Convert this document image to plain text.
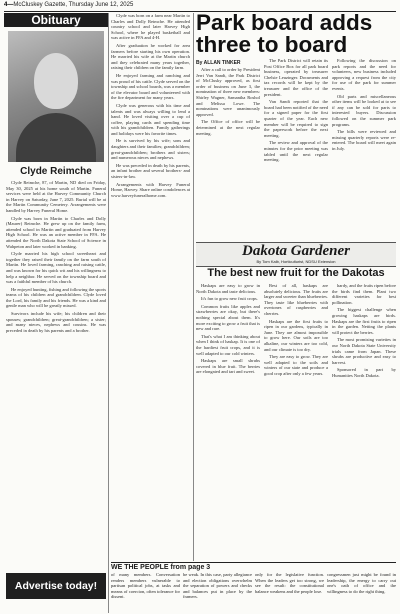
4—McCluskey Gazette, Thursday June 12, 2025
Obituary
Clyde Reimche

Clyde Reimche, 87, of Martin, ND died on Friday, May 30, 2025 at his home south of Martin. Funeral services were held at the Harvey Community Church in Harvey on Saturday, June 7, 2025. Burial will be at the Martin Community Cemetery. Arrangements were handled by Harvey Funeral Home.

Clyde was born in Martin to Charles and Dolly (Maurer) Reimche. He grew up on the family farm, attended school in Martin and graduated from Harvey High School. He was an active member in FFA. He attended the North Dakota State School of Science in Wahpeton and later worked in banking.

Clyde married his high school sweetheart and together they raised their family on the farm south of Martin. He loved farming, ranching and raising cattle, and was known for his quick wit and his willingness to help a neighbor. He served on the township board and was a faithful member of his church.

He enjoyed hunting, fishing and following the sports teams of his children and grandchildren. Clyde loved the Lord, his family and his friends. He was a kind and gentle man who will be greatly missed.

Survivors include his wife; his children and their spouses; grandchildren; great-grandchildren; a sister; and many nieces, nephews and cousins. He was preceded in death by his parents and a brother.

Clyde was born on a farm near Martin to Charles and Dolly Reimche. He attended country school and later Harvey High School, where he played basketball and was active in FFA and 4-H.

After graduation he worked for area farmers before starting his own operation. He married his wife at the Martin church and they celebrated many years together, raising their children on the family farm.

He enjoyed farming and ranching and was proud of his cattle. Clyde served on the township and school boards, was a member of the elevator board and volunteered with the fire department for many years.

Clyde was generous with his time and talents and was always willing to lend a hand. He loved visiting over a cup of coffee, playing cards and spending time with his grandchildren. Family gatherings and holidays were his favorite times.

He is survived by his wife; sons and daughters and their families; grandchildren; great-grandchildren; brothers and sisters; and numerous nieces and nephews.

He was preceded in death by his parents, an infant brother and several brothers- and sisters-in-law.

Arrangements with Harvey Funeral Home, Harvey. Share online condolences at www.harveyfuneralhome.com.

Park board adds three to board
By ALLAN TINKER

After a call to order by President Jerri Van Sandt, the Park District of McClusky approved, as first order of business on June 3, the nomination of three new members: Shirley Wagner, Samantha Roshol and Melissa Lowe. The nominations were unanimously approved.

The Office of office will be determined at the next regular meeting.

The Park District will retain its Post Office Box for all park board business, operated by treasurer Chelsie Leuzinger. Documents and tax records will be kept by the treasurer and the office of the president.

Van Sandt reported that the board had been notified of the need for a signed paper for the first quarter of the year. Each new member will be required to sign the paperwork before the next meeting.

The review and approval of the minutes for the prior meeting was tabled until the next regular meeting.

Following the discussion on park reports and the need for volunteers, new business included approving a request from the city for use of the park for summer events.

Old parts and miscellaneous other items will be looked at to see if any can be sold for parts to interested buyers. Discussion followed on the summer park programs.

The bills were reviewed and missing quarterly reports were re-entered. The board will meet again in July.

Dakota Gardener
By Tom Kalb, Horticulturist, NDSU Extension
The best new fruit for the Dakotas

Haskaps are easy to grow in North Dakota and taste delicious.

It's fun to grow new fruit crops.

Common fruits like apples and strawberries are okay, but there's nothing special about them. It's more exciting to grow a fruit that is new and rare.

That's what I am thinking about when I think of haskap. It is one of the hardiest fruit crops, and it is well adapted to our cold winters.

Haskaps are small shrubs covered in blue fruit. The berries are elongated and tart and sweet.

Best of all, haskaps are absolutely delicious. The fruits are larger and sweeter than blueberries. They taste like blueberries with overtones of raspberries and cherries.

Haskaps are the first fruits to ripen in our gardens, typically in June. They are almost impossible to grow here. Our soils are too alkaline, our winters are too cold, and our climate is too dry.

They are easy to grow. They are well adapted to the soils and winters of our state and produce a good crop after only a few years.

hardy, and the fruits ripen before the birds find them. Plant two different varieties for best pollination.

The biggest challenge when growing haskaps are birds. Haskaps are the first fruits to ripen in the garden. Netting the plants will protect the berries.

The most promising varieties in our North Dakota State University trials came from Japan. These shrubs are productive and easy to harvest.

Sponsored in part by Humanities North Dakota.

WE THE PEOPLE from page 3
of many members. Conversation renders members vulnerable to partisan political jobs, at tasks and means of coercion, often tolerance for dissent.
be weak. In this case, party allegiance and election obligations overwhelm the separation of powers and checks and balances put in place by the framers.
only for the legislative function. When the leaders get too strong, we see the result: the constitutional balance weakens and the people lose.
congressmen just might be found in leadership, the energy to carry out one's oath of office and the willingness to do the right thing.
Advertise today!
